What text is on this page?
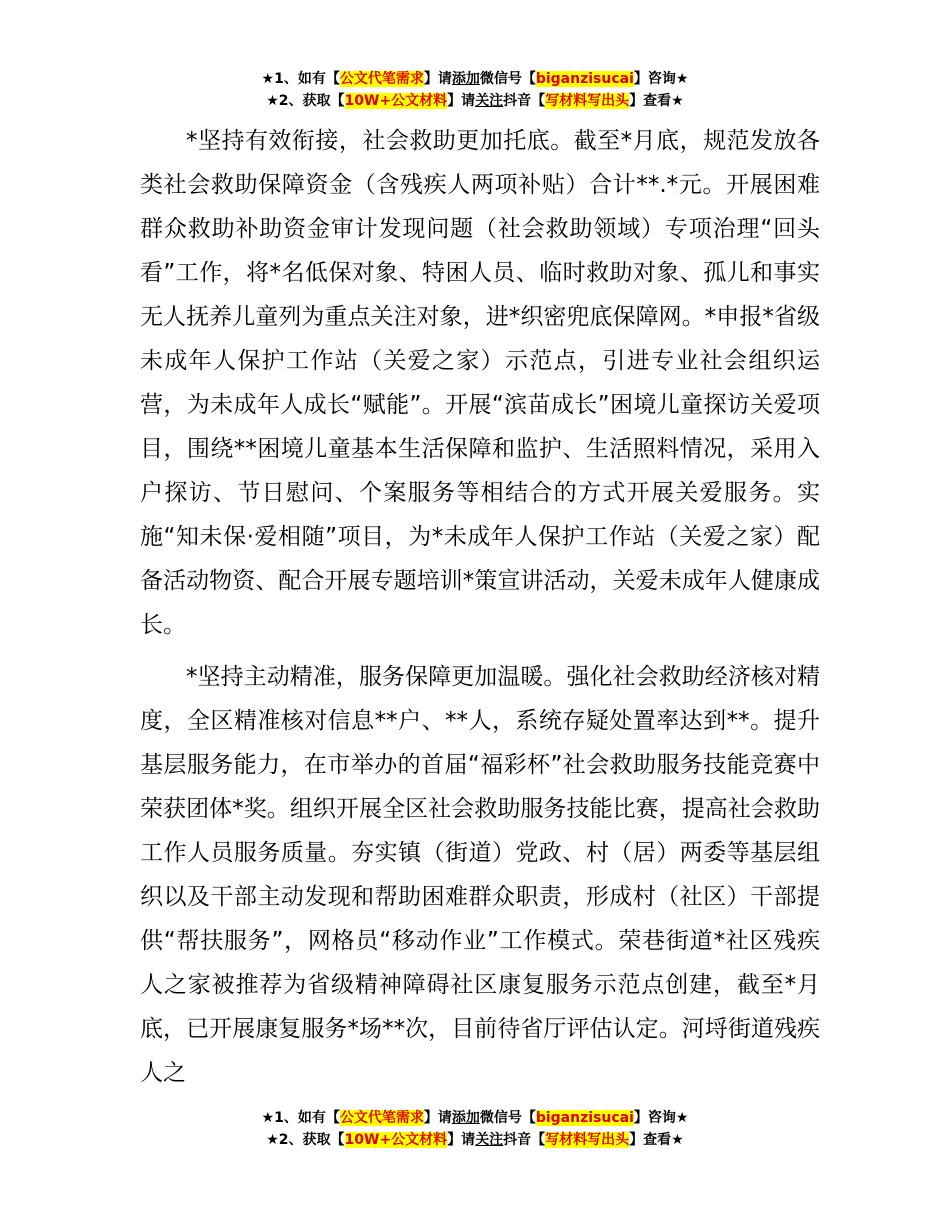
★1、如有【公文代笔需求】请添加微信号【biganzisucai】咨询★
★2、获取【10W+公文材料】请关注抖音【写材料写出头】查看★

*坚持有效衔接，社会救助更加托底。截至*月底，规范发放各类社会救助保障资金（含残疾人两项补贴）合计**.*元。开展困难群众救助补助资金审计发现问题（社会救助领域）专项治理“回头看”工作，将*名低保对象、特困人员、临时救助对象、孤儿和事实无人抚养儿童列为重点关注对象，进*织密兜底保障网。*申报*省级未成年人保护工作站（关爱之家）示范点，引进专业社会组织运营，为未成年人成长“赋能”。开展“滨苗成长”困境儿童探访关爱项目，围绕**困境儿童基本生活保障和监护、生活照料情况，采用入户探访、节日慰问、个案服务等相结合的方式开展关爱服务。实施“知未保·爱相随”项目，为*未成年人保护工作站（关爱之家）配备活动物资、配合开展专题培训*策宣讲活动，关爱未成年人健康成长。

*坚持主动精准，服务保障更加温暖。强化社会救助经济核对精度，全区精准核对信息**户、**人，系统存疑处置率达到**。提升基层服务能力，在市举办的首届“福彩杯”社会救助服务技能竞赛中荣获团体*奖。组织开展全区社会救助服务技能比赛，提高社会救助工作人员服务质量。夯实镇（街道）党政、村（居）两委等基层组织以及干部主动发现和帮助困难群众职责，形成村（社区）干部提供“帮扶服务”，网格员“移动作业”工作模式。荣巷街道*社区残疾人之家被推荐为省级精神障碍社区康复服务示范点创建，截至*月底，已开展康复服务*场**次，目前待省厅评估认定。河埒街道残疾人之

★1、如有【公文代笔需求】请添加微信号【biganzisucai】咨询★
★2、获取【10W+公文材料】请关注抖音【写材料写出头】查看★
